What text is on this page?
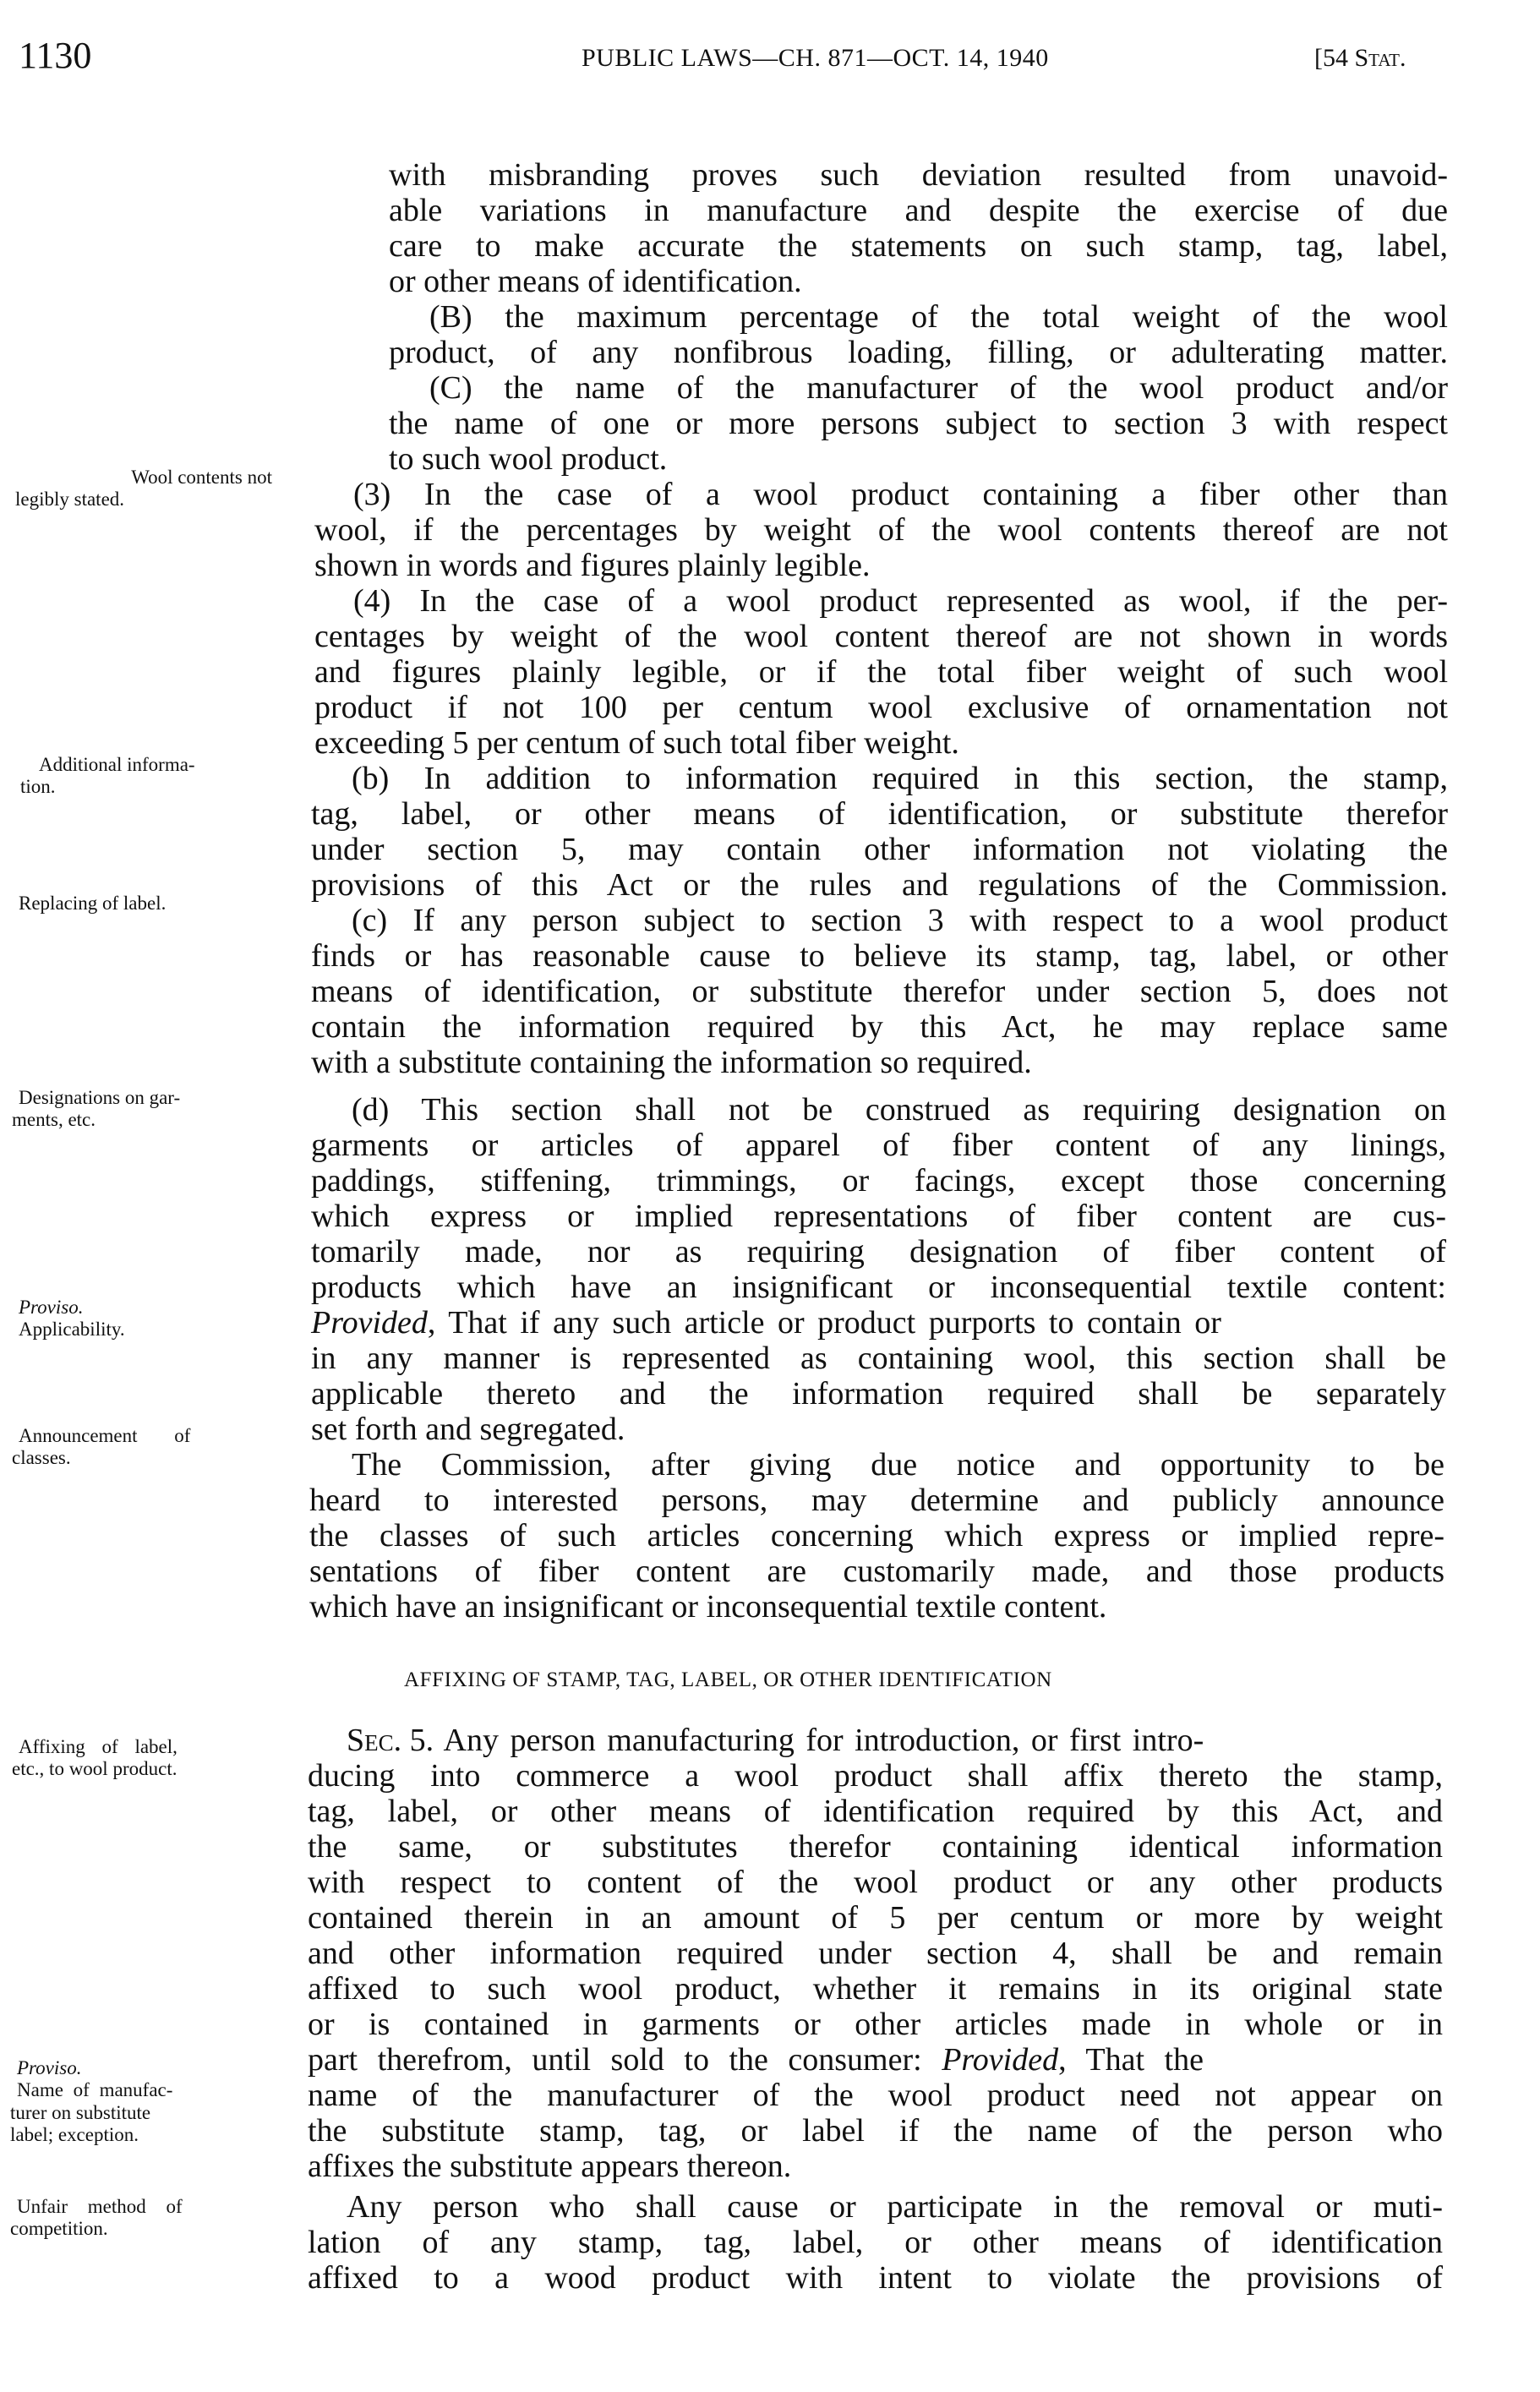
1130	PUBLIC LAWS—CH. 871—OCT. 14, 1940	[54 Stat.
Wool contents not
legibly stated.
Additional informa-
tion.
Replacing of label.
Designations on gar-
ments, etc.
Proviso.
Applicability.
Announcement of
classes.
Affixing of label,
etc., to wool product.
Proviso.
Name of manufac-
turer on substitute
label; exception.
Unfair method of
competition.
AFFIXING OF STAMP, TAG, LABEL, OR OTHER IDENTIFICATION
with misbranding proves such deviation resulted from unavoid-
able variations in manufacture and despite the exercise of due
care to make accurate the statements on such stamp, tag, label,
or other means of identification.
(B) the maximum percentage of the total weight of the wool
product, of any nonfibrous loading, filling, or adulterating matter.
(C) the name of the manufacturer of the wool product and/or
the name of one or more persons subject to section 3 with respect
to such wool product.
(3) In the case of a wool product containing a fiber other than
wool, if the percentages by weight of the wool contents thereof are not
shown in words and figures plainly legible.
(4) In the case of a wool product represented as wool, if the per-
centages by weight of the wool content thereof are not shown in words
and figures plainly legible, or if the total fiber weight of such wool
product if not 100 per centum wool exclusive of ornamentation not
exceeding 5 per centum of such total fiber weight.
(b) In addition to information required in this section, the stamp,
tag, label, or other means of identification, or substitute therefor
under section 5, may contain other information not violating the
provisions of this Act or the rules and regulations of the Commission.
(c) If any person subject to section 3 with respect to a wool product
finds or has reasonable cause to believe its stamp, tag, label, or other
means of identification, or substitute therefor under section 5, does not
contain the information required by this Act, he may replace same
with a substitute containing the information so required.
(d) This section shall not be construed as requiring designation on
garments or articles of apparel of fiber content of any linings,
paddings, stiffening, trimmings, or facings, except those concerning
which express or implied representations of fiber content are cus-
tomarily made, nor as requiring designation of fiber content of
products which have an insignificant or inconsequential textile content:
Provided, That if any such article or product purports to contain or
in any manner is represented as containing wool, this section shall be
applicable thereto and the information required shall be separately
set forth and segregated.
The Commission, after giving due notice and opportunity to be
heard to interested persons, may determine and publicly announce
the classes of such articles concerning which express or implied repre-
sentations of fiber content are customarily made, and those products
which have an insignificant or inconsequential textile content.
Sec. 5. Any person manufacturing for introduction, or first intro-
ducing into commerce a wool product shall affix thereto the stamp,
tag, label, or other means of identification required by this Act, and
the same, or substitutes therefor containing identical information
with respect to content of the wool product or any other products
contained therein in an amount of 5 per centum or more by weight
and other information required under section 4, shall be and remain
affixed to such wool product, whether it remains in its original state
or is contained in garments or other articles made in whole or in
part therefrom, until sold to the consumer: Provided, That the
name of the manufacturer of the wool product need not appear on
the substitute stamp, tag, or label if the name of the person who
affixes the substitute appears thereon.
Any person who shall cause or participate in the removal or muti-
lation of any stamp, tag, label, or other means of identification
affixed to a wood product with intent to violate the provisions of
